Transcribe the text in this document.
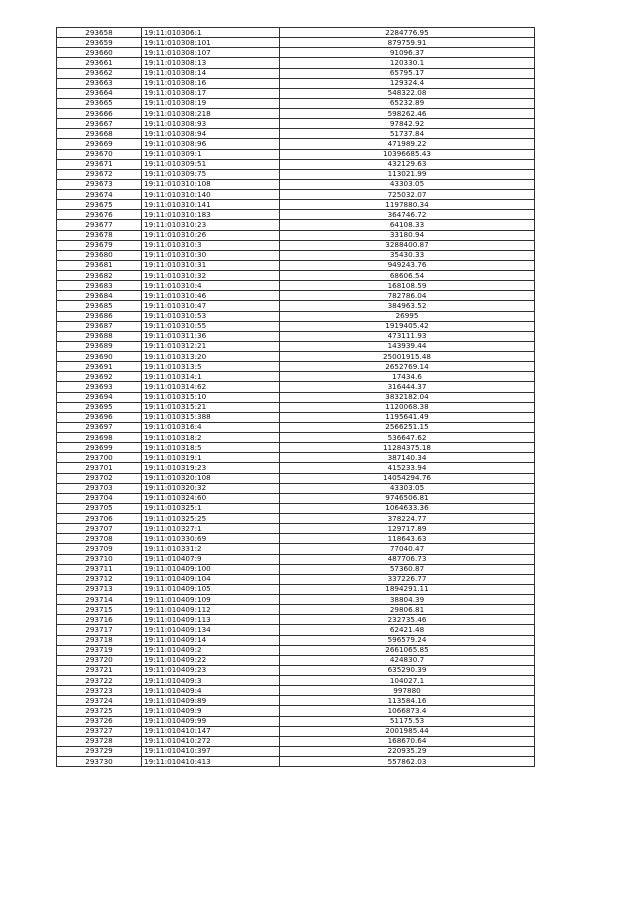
293658	19:11:010306:1	2284776.95
293659	19:11:010308:101	879759.91
293660	19:11:010308:107	91096.37
293661	19:11:010308:13	120330.1
293662	19:11:010308:14	65795.17
293663	19:11:010308:16	129324.4
293664	19:11:010308:17	548322.08
293665	19:11:010308:19	65232.89
293666	19:11:010308:218	598262.46
293667	19:11:010308:93	97842.92
293668	19:11:010308:94	51737.84
293669	19:11:010308:96	471989.22
293670	19:11:010309:1	10396685.43
293671	19:11:010309:51	432129.63
293672	19:11:010309:75	113021.99
293673	19:11:010310:108	43303.05
293674	19:11:010310:140	725032.07
293675	19:11:010310:141	1197880.34
293676	19:11:010310:183	364746.72
293677	19:11:010310:23	64108.33
293678	19:11:010310:26	33180.94
293679	19:11:010310:3	3288400.87
293680	19:11:010310:30	35430.33
293681	19:11:010310:31	949243.76
293682	19:11:010310:32	68606.54
293683	19:11:010310:4	168108.59
293684	19:11:010310:46	782786.04
293685	19:11:010310:47	384963.52
293686	19:11:010310:53	26995
293687	19:11:010310:55	1919405.42
293688	19:11:010311:36	473111.93
293689	19:11:010312:21	143939.44
293690	19:11:010313:20	25001915.48
293691	19:11:010313:5	2652769.14
293692	19:11:010314:1	17434.6
293693	19:11:010314:62	316444.37
293694	19:11:010315:10	3832182.04
293695	19:11:010315:21	1120068.38
293696	19:11:010315:388	1195641.49
293697	19:11:010316:4	2566251.15
293698	19:11:010318:2	536647.62
293699	19:11:010318:5	11284375.18
293700	19:11:010319:1	387140.34
293701	19:11:010319:23	415233.94
293702	19:11:010320:108	14054294.76
293703	19:11:010320:32	43303.05
293704	19:11:010324:60	9746506.81
293705	19:11:010325:1	1064633.36
293706	19:11:010325:25	378224.77
293707	19:11:010327:1	129717.89
293708	19:11:010330:69	118643.63
293709	19:11:010331:2	77040.47
293710	19:11:010407:9	487706.73
293711	19:11:010409:100	57360.87
293712	19:11:010409:104	337226.77
293713	19:11:010409:105	1894291.11
293714	19:11:010409:109	38804.39
293715	19:11:010409:112	29806.81
293716	19:11:010409:113	232735.46
293717	19:11:010409:134	62421.48
293718	19:11:010409:14	596579.24
293719	19:11:010409:2	2661065.85
293720	19:11:010409:22	424830.7
293721	19:11:010409:23	635290.39
293722	19:11:010409:3	104027.1
293723	19:11:010409:4	997880
293724	19:11:010409:89	113584.16
293725	19:11:010409:9	1066873.4
293726	19:11:010409:99	51175.53
293727	19:11:010410:147	2001985.44
293728	19:11:010410:272	168670.64
293729	19:11:010410:397	220935.29
293730	19:11:010410:413	557862.03
